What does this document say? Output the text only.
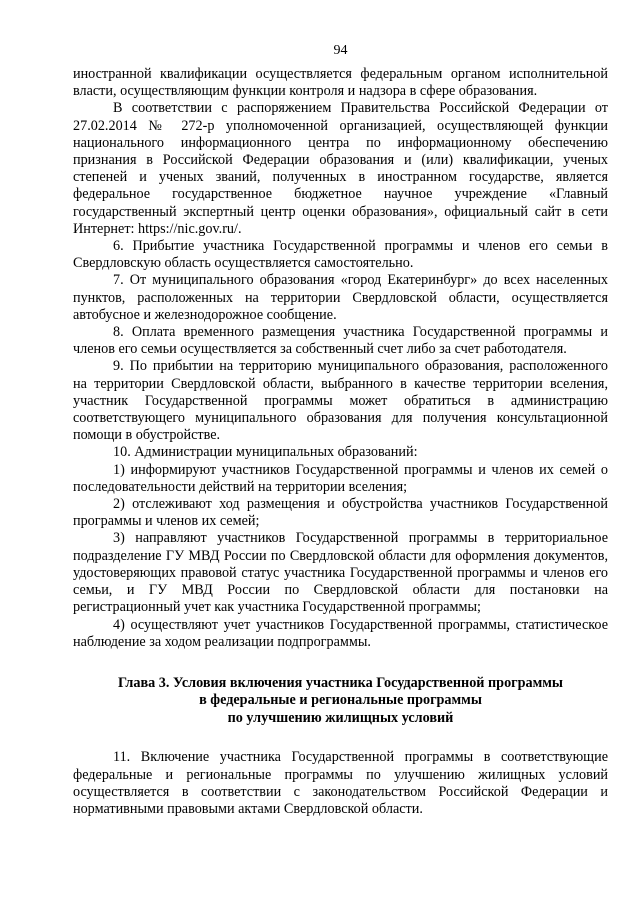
94

иностранной квалификации осуществляется федеральным органом исполнительной власти, осуществляющим функции контроля и надзора в сфере образования.

В соответствии с распоряжением Правительства Российской Федерации от 27.02.2014 № 272-р уполномоченной организацией, осуществляющей функции национального информационного центра по информационному обеспечению признания в Российской Федерации образования и (или) квалификации, ученых степеней и ученых званий, полученных в иностранном государстве, является федеральное государственное бюджетное научное учреждение «Главный государственный экспертный центр оценки образования», официальный сайт в сети Интернет: https://nic.gov.ru/.

6. Прибытие участника Государственной программы и членов его семьи в Свердловскую область осуществляется самостоятельно.

7. От муниципального образования «город Екатеринбург» до всех населенных пунктов, расположенных на территории Свердловской области, осуществляется автобусное и железнодорожное сообщение.

8. Оплата временного размещения участника Государственной программы и членов его семьи осуществляется за собственный счет либо за счет работодателя.

9. По прибытии на территорию муниципального образования, расположенного на территории Свердловской области, выбранного в качестве территории вселения, участник Государственной программы может обратиться в администрацию соответствующего муниципального образования для получения консультационной помощи в обустройстве.

10. Администрации муниципальных образований:

1) информируют участников Государственной программы и членов их семей о последовательности действий на территории вселения;

2) отслеживают ход размещения и обустройства участников Государственной программы и членов их семей;

3) направляют участников Государственной программы в территориальное подразделение ГУ МВД России по Свердловской области для оформления документов, удостоверяющих правовой статус участника Государственной программы и членов его семьи, и ГУ МВД России по Свердловской области для постановки на регистрационный учет как участника Государственной программы;

4) осуществляют учет участников Государственной программы, статистическое наблюдение за ходом реализации подпрограммы.

Глава 3. Условия включения участника Государственной программы
в федеральные и региональные программы
по улучшению жилищных условий

11. Включение участника Государственной программы в соответствующие федеральные и региональные программы по улучшению жилищных условий осуществляется в соответствии с законодательством Российской Федерации и нормативными правовыми актами Свердловской области.
